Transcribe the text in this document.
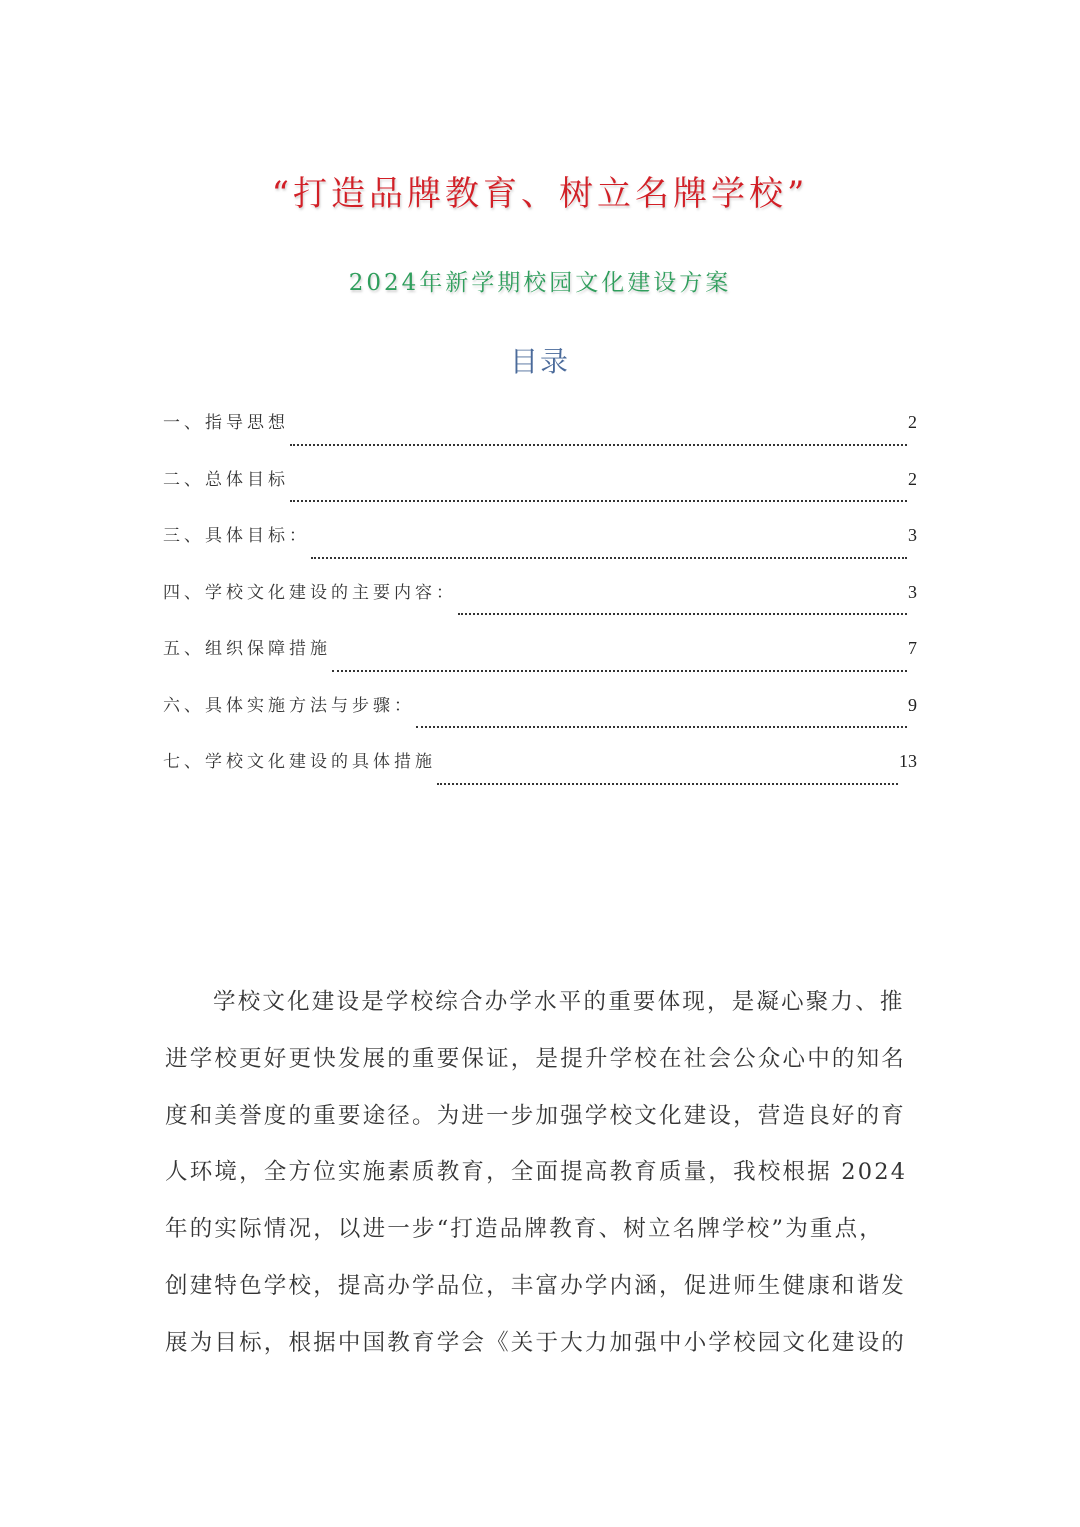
“打造品牌教育、树立名牌学校”
2024年新学期校园文化建设方案
目录
一、指导思想	2
二、总体目标	2
三、具体目标：	3
四、学校文化建设的主要内容：	3
五、组织保障措施	7
六、具体实施方法与步骤：	9
七、学校文化建设的具体措施	13
学校文化建设是学校综合办学水平的重要体现，是凝心聚力、推
进学校更好更快发展的重要保证，是提升学校在社会公众心中的知名
度和美誉度的重要途径。为进一步加强学校文化建设，营造良好的育
人环境，全方位实施素质教育，全面提高教育质量，我校根据 2024
年的实际情况，以进一步“打造品牌教育、树立名牌学校”为重点，
创建特色学校，提高办学品位，丰富办学内涵，促进师生健康和谐发
展为目标，根据中国教育学会《关于大力加强中小学校园文化建设的
